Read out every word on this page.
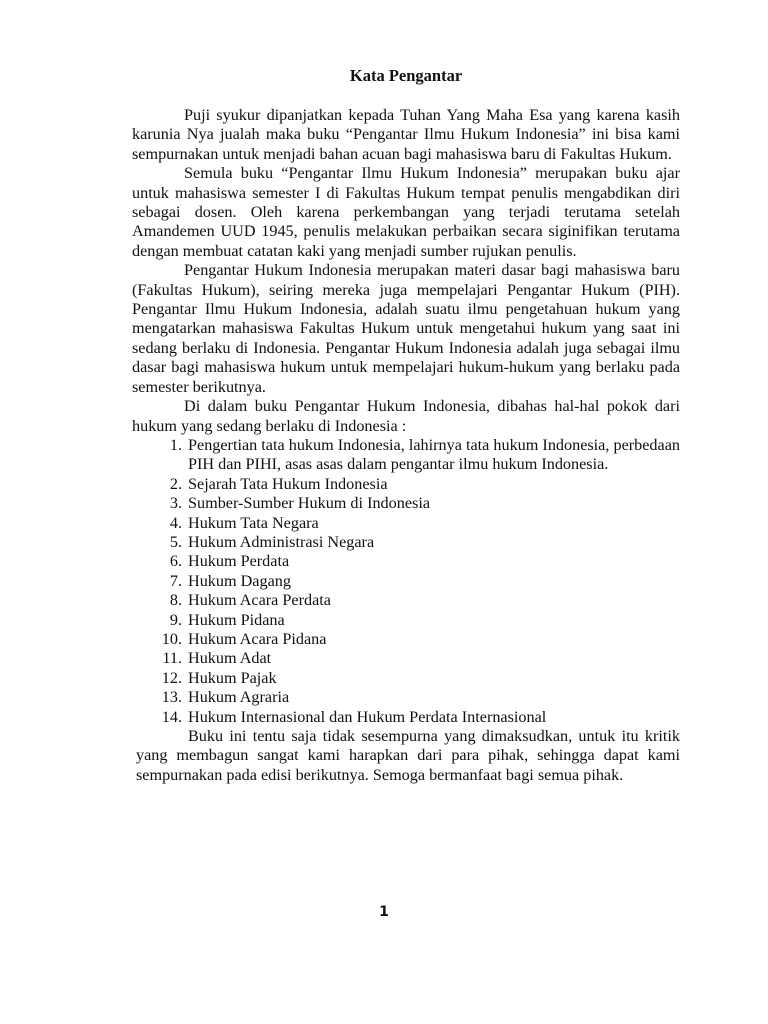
Kata Pengantar

Puji syukur dipanjatkan kepada Tuhan Yang Maha Esa yang karena kasih karunia Nya jualah maka buku “Pengantar Ilmu Hukum Indonesia” ini bisa kami sempurnakan untuk menjadi bahan acuan bagi mahasiswa baru di Fakultas Hukum.

Semula buku “Pengantar Ilmu Hukum Indonesia” merupakan buku ajar untuk mahasiswa semester I di Fakultas Hukum tempat penulis mengabdikan diri sebagai dosen. Oleh karena perkembangan yang terjadi terutama setelah Amandemen UUD 1945, penulis melakukan perbaikan secara siginifikan terutama dengan membuat catatan kaki yang menjadi sumber rujukan penulis.

Pengantar Hukum Indonesia merupakan materi dasar bagi mahasiswa baru (Fakultas Hukum), seiring mereka juga mempelajari Pengantar Hukum (PIH). Pengantar Ilmu Hukum Indonesia, adalah suatu ilmu pengetahuan hukum yang mengatarkan mahasiswa Fakultas Hukum untuk mengetahui hukum yang saat ini sedang berlaku di Indonesia. Pengantar Hukum Indonesia adalah juga sebagai ilmu dasar bagi mahasiswa hukum untuk mempelajari hukum-hukum yang berlaku pada semester berikutnya.

Di dalam buku Pengantar Hukum Indonesia, dibahas hal-hal pokok dari hukum yang sedang berlaku di Indonesia :

1. Pengertian tata hukum Indonesia, lahirnya tata hukum Indonesia, perbedaan PIH dan PIHI, asas asas dalam pengantar ilmu hukum Indonesia.
2. Sejarah Tata Hukum Indonesia
3. Sumber-Sumber Hukum di Indonesia
4. Hukum Tata Negara
5. Hukum Administrasi Negara
6. Hukum Perdata
7. Hukum Dagang
8. Hukum Acara Perdata
9. Hukum Pidana
10. Hukum Acara Pidana
11. Hukum Adat
12. Hukum Pajak
13. Hukum Agraria
14. Hukum Internasional dan Hukum Perdata Internasional

Buku ini tentu saja tidak sesempurna yang dimaksudkan, untuk itu kritik yang membagun sangat kami harapkan dari para pihak, sehingga dapat kami sempurnakan pada edisi berikutnya. Semoga bermanfaat bagi semua pihak.

1
